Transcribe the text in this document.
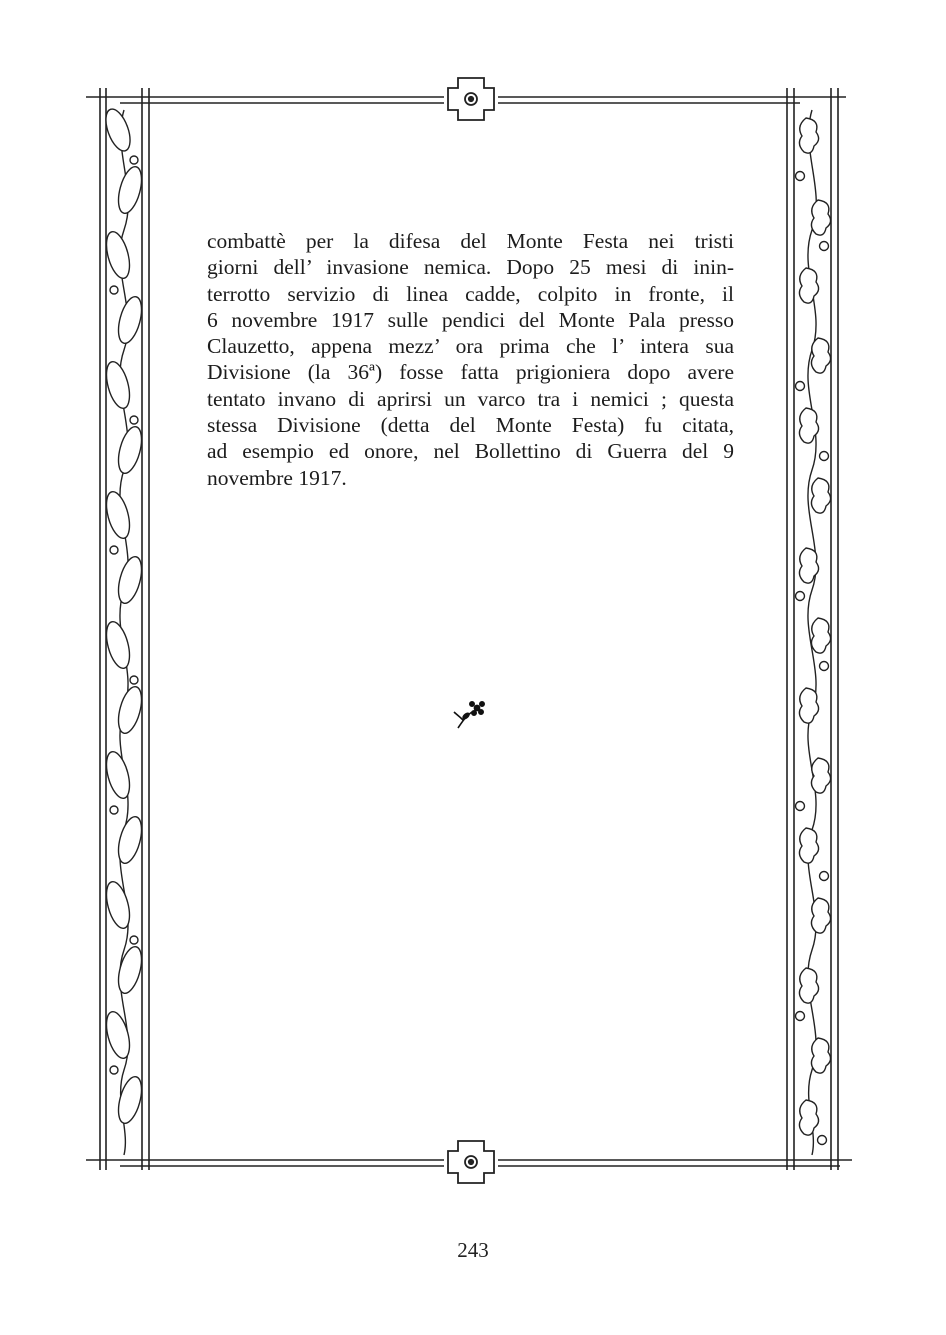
combattè per la difesa del Monte Festa nei tristi
giorni dell’ invasione nemica. Dopo 25 mesi di inin-
terrotto servizio di linea cadde, colpito in fronte, il
6 novembre 1917 sulle pendici del Monte Pala presso
Clauzetto, appena mezz’ ora prima che l’ intera sua
Divisione (la 36ª) fosse fatta prigioniera dopo avere
tentato invano di aprirsi un varco tra i nemici ; questa
stessa Divisione (detta del Monte Festa) fu citata,
ad esempio ed onore, nel Bollettino di Guerra del 9
novembre 1917.
243
